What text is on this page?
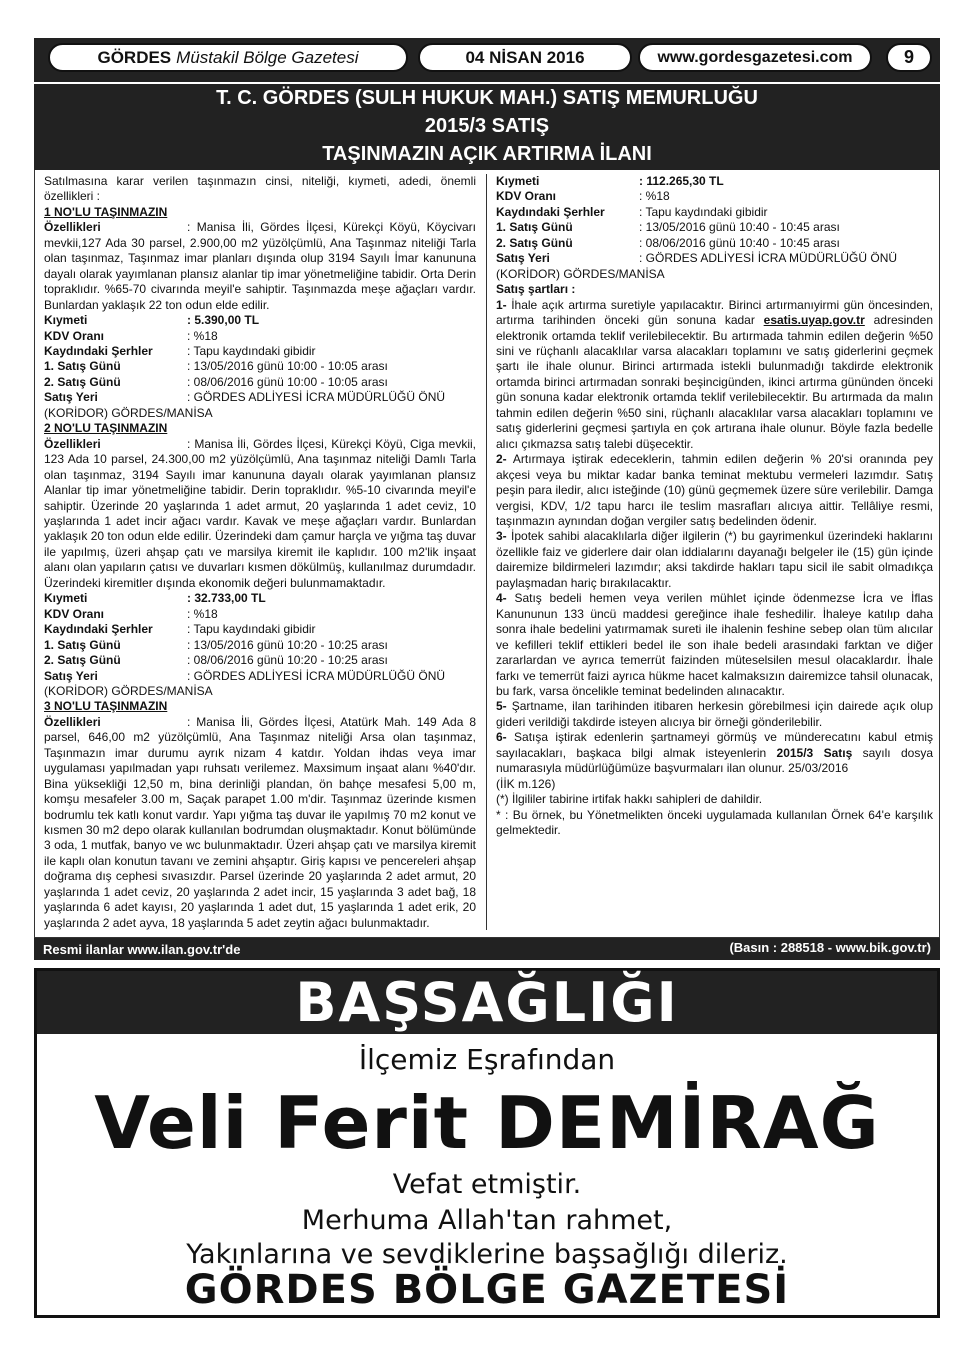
GÖRDES Müstakil Bölge Gazetesi	04 NİSAN 2016	www.gordesgazetesi.com	9
T. C. GÖRDES (SULH HUKUK MAH.) SATIŞ MEMURLUĞU
2015/3 SATIŞ
TAŞINMAZIN AÇIK ARTIRMA İLANI

Satılmasına karar verilen taşınmazın cinsi, niteliği, kıymeti, adedi, önemli özellikleri :

1 NO'LU TAŞINMAZIN

Özellikleri	: Manisa İli, Gördes İlçesi, Kürekçi Köyü, Köycivarı mevkii,127 Ada 30 parsel, 2.900,00 m2 yüzölçümlü, Ana Taşınmaz niteliği Tarla olan taşınmaz, Taşınmaz imar planları dışında olup 3194 Sayılı İmar kanununa dayalı olarak yayımlanan plansız alanlar tip imar yönetmeliğine tabidir. Orta Derin topraklıdır. %65-70 civarında meyil'e sahiptir. Taşınmazda meşe ağaçları vardır. Bunlardan yaklaşık 22 ton odun elde edilir.

Kıymeti	: 5.390,00 TL
KDV Oranı	: %18
Kaydındaki Şerhler	: Tapu kaydındaki gibidir
1. Satış Günü	: 13/05/2016 günü 10:00 - 10:05 arası
2. Satış Günü	: 08/06/2016 günü 10:00 - 10:05 arası
Satış Yeri	: GÖRDES ADLİYESİ İCRA MÜDÜRLÜĞÜ ÖNÜ

(KORİDOR) GÖRDES/MANİSA

2 NO'LU TAŞINMAZIN

Özellikleri	: Manisa İli, Gördes İlçesi, Kürekçi Köyü, Ciga mevkii, 123 Ada 10 parsel, 24.300,00 m2 yüzölçümlü, Ana taşınmaz niteliği Damlı Tarla olan taşınmaz, 3194 Sayılı imar kanununa dayalı olarak yayımlanan plansız Alanlar tip imar yönetmeliğine tabidir. Derin topraklıdır. %5-10 civarında meyil'e sahiptir. Üzerinde 20 yaşlarında 1 adet armut, 20 yaşlarında 1 adet ceviz, 10 yaşlarında 1 adet incir ağacı vardır. Kavak ve meşe ağaçları vardır. Bunlardan yaklaşık 20 ton odun elde edilir. Üzerindeki dam çamur harçla ve yığma taş duvar ile yapılmış, üzeri ahşap çatı ve marsilya kiremit ile kaplıdır. 100 m2'lik inşaat alanı olan yapıların çatısı ve duvarları kısmen dökülmüş, kullanılmaz durumdadır. Üzerindeki kiremitler dışında ekonomik değeri bulunmamaktadır.

Kıymeti	: 32.733,00 TL
KDV Oranı	: %18
Kaydındaki Şerhler	: Tapu kaydındaki gibidir
1. Satış Günü	: 13/05/2016 günü 10:20 - 10:25 arası
2. Satış Günü	: 08/06/2016 günü 10:20 - 10:25 arası
Satış Yeri	: GÖRDES ADLİYESİ İCRA MÜDÜRLÜĞÜ ÖNÜ

(KORİDOR) GÖRDES/MANİSA

3 NO'LU TAŞINMAZIN

Özellikleri	: Manisa İli, Gördes İlçesi, Atatürk Mah. 149 Ada 8 parsel, 646,00 m2 yüzölçümlü, Ana Taşınmaz niteliği Arsa olan taşınmaz, Taşınmazın imar durumu ayrık nizam 4 katdır. Yoldan ihdas veya imar uygulaması yapılmadan yapı ruhsatı verilemez. Maxsimum inşaat alanı %40'dır. Bina yüksekliği 12,50 m, bina derinliği plandan, ön bahçe mesafesi 5,00 m, komşu mesafeler 3.00 m, Saçak parapet 1.00 m'dir. Taşınmaz üzerinde kısmen bodrumlu tek katlı konut vardır. Yapı yığma taş duvar ile yapılmış 70 m2 konut ve kısmen 30 m2 depo olarak kullanılan bodrumdan oluşmaktadır. Konut bölümünde 3 oda, 1 mutfak, banyo ve wc bulunmaktadır. Üzeri ahşap çatı ve marsilya kiremit ile kaplı olan konutun tavanı ve zemini ahşaptır. Giriş kapısı ve pencereleri ahşap doğrama dış cephesi sıvasızdır. Parsel üzerinde 20 yaşlarında 2 adet armut, 20 yaşlarında 1 adet ceviz, 20 yaşlarında 2 adet incir, 15 yaşlarında 3 adet bağ, 18 yaşlarında 6 adet kayısı, 20 yaşlarında 1 adet dut, 15 yaşlarında 1 adet erik, 20 yaşlarında 2 adet ayva, 18 yaşlarında 5 adet zeytin ağacı bulunmaktadır.

Kıymeti	: 112.265,30 TL
KDV Oranı	: %18
Kaydındaki Şerhler	: Tapu kaydındaki gibidir
1. Satış Günü	: 13/05/2016 günü 10:40 - 10:45 arası
2. Satış Günü	: 08/06/2016 günü 10:40 - 10:45 arası
Satış Yeri	: GÖRDES ADLİYESİ İCRA MÜDÜRLÜĞÜ ÖNÜ

(KORİDOR) GÖRDES/MANİSA

Satış şartları :

1- İhale açık artırma suretiyle yapılacaktır. Birinci artırmanıyirmi gün öncesinden, artırma tarihinden önceki gün sonuna kadar esatis.uyap.gov.tr adresinden elektronik ortamda teklif verilebilecektir. Bu artırmada tahmin edilen değerin %50 sini ve rüçhanlı alacaklılar varsa alacakları toplamını ve satış giderlerini geçmek şartı ile ihale olunur. Birinci artırmada istekli bulunmadığı takdirde elektronik ortamda birinci artırmadan sonraki beşincigünden, ikinci artırma gününden önceki gün sonuna kadar elektronik ortamda teklif verilebilecektir. Bu artırmada da malın tahmin edilen değerin %50 sini, rüçhanlı alacaklılar varsa alacakları toplamını ve satış giderlerini geçmesi şartıyla en çok artırana ihale olunur. Böyle fazla bedelle alıcı çıkmazsa satış talebi düşecektir.

2- Artırmaya iştirak edeceklerin, tahmin edilen değerin % 20'si oranında pey akçesi veya bu miktar kadar banka teminat mektubu vermeleri lazımdır. Satış peşin para iledir, alıcı isteğinde (10) günü geçmemek üzere süre verilebilir. Damga vergisi, KDV, 1/2 tapu harcı ile teslim masrafları alıcıya aittir. Tellâliye resmi, taşınmazın aynından doğan vergiler satış bedelinden ödenir.

3- İpotek sahibi alacaklılarla diğer ilgilerin (*) bu gayrimenkul üzerindeki haklarını özellikle faiz ve giderlere dair olan iddialarını dayanağı belgeler ile (15) gün içinde dairemize bildirmeleri lazımdır; aksi takdirde hakları tapu sicil ile sabit olmadıkça paylaşmadan hariç bırakılacaktır.

4- Satış bedeli hemen veya verilen mühlet içinde ödenmezse İcra ve İflas Kanununun 133 üncü maddesi gereğince ihale feshedilir. İhaleye katılıp daha sonra ihale bedelini yatırmamak sureti ile ihalenin feshine sebep olan tüm alıcılar ve kefilleri teklif ettikleri bedel ile son ihale bedeli arasındaki farktan ve diğer zararlardan ve ayrıca temerrüt faizinden müteselsilen mesul olacaklardır. İhale farkı ve temerrüt faizi ayrıca hükme hacet kalmaksızın dairemizce tahsil olunacak, bu fark, varsa öncelikle teminat bedelinden alınacaktır.

5- Şartname, ilan tarihinden itibaren herkesin görebilmesi için dairede açık olup gideri verildiği takdirde isteyen alıcıya bir örneği gönderilebilir.

6- Satışa iştirak edenlerin şartnameyi görmüş ve münderecatını kabul etmiş sayılacakları, başkaca bilgi almak isteyenlerin 2015/3 Satış sayılı dosya numarasıyla müdürlüğümüze başvurmaları ilan olunur. 25/03/2016

(İİK m.126)

(*) İlgililer tabirine irtifak hakkı sahipleri de dahildir.

* : Bu örnek, bu Yönetmelikten önceki uygulamada kullanılan Örnek 64'e karşılık gelmektedir.

Resmi ilanlar www.ilan.gov.tr'de	(Basın : 288518 - www.bik.gov.tr)
BAŞSAĞLIĞI
İlçemiz Eşrafından
Veli Ferit DEMİRAĞ
Vefat etmiştir.
Merhuma Allah'tan rahmet,
Yakınlarına ve sevdiklerine başsağlığı dileriz.
GÖRDES BÖLGE GAZETESİ
